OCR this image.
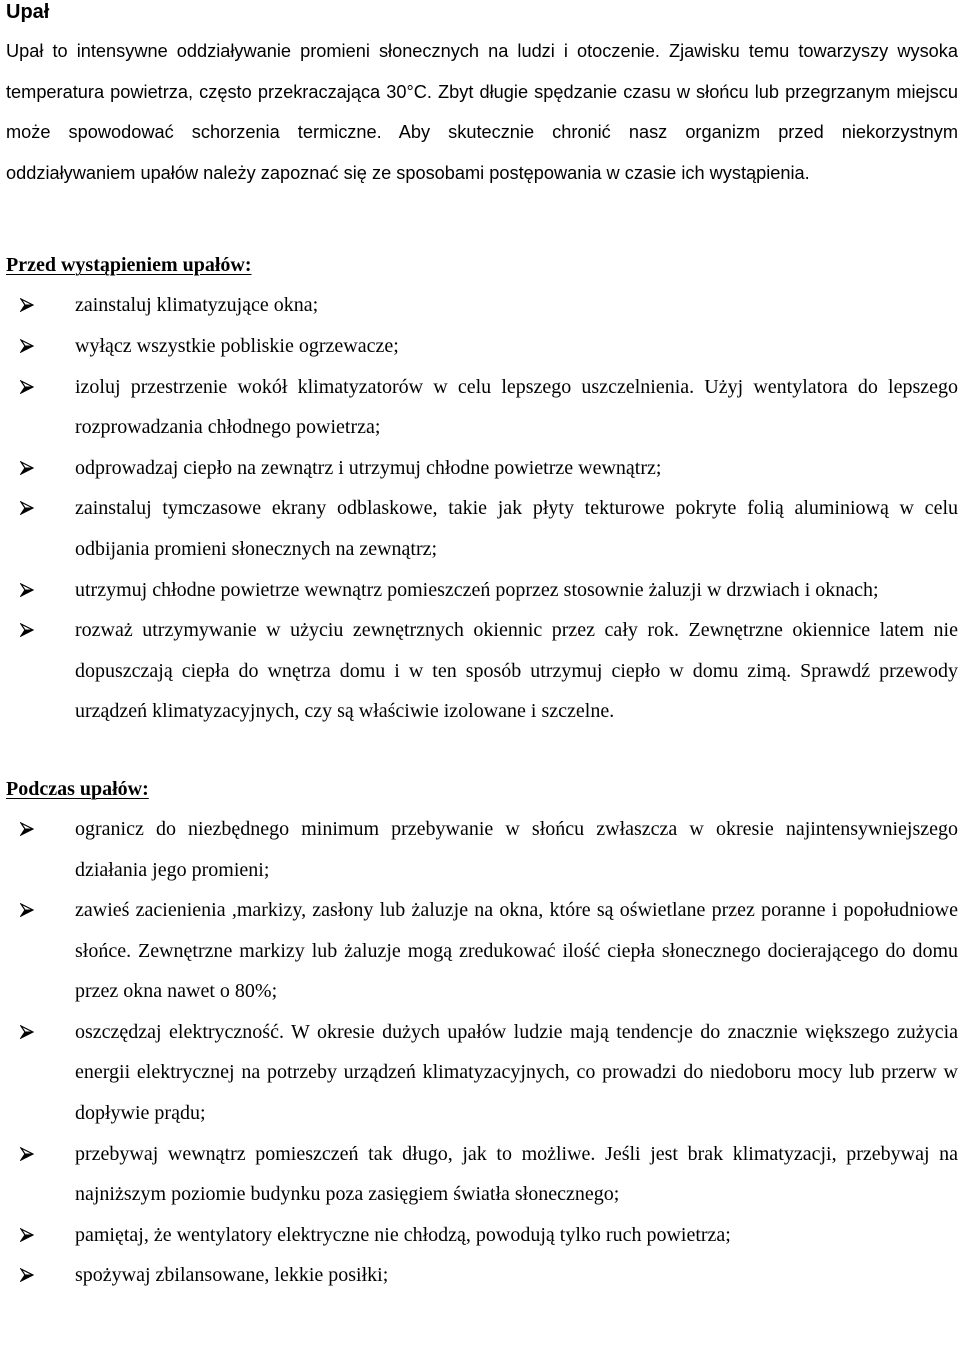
Upał

Upał to intensywne oddziaływanie promieni słonecznych na ludzi i otoczenie. Zjawisku temu towarzyszy wysoka temperatura powietrza, często przekraczająca 30°C. Zbyt długie spędzanie czasu w słońcu lub przegrzanym miejscu może spowodować schorzenia termiczne. Aby skutecznie chronić nasz organizm przed niekorzystnym oddziaływaniem upałów należy zapoznać się ze sposobami postępowania w czasie ich wystąpienia.

Przed wystąpieniem upałów:
zainstaluj klimatyzujące okna;
wyłącz wszystkie pobliskie ogrzewacze;
izoluj przestrzenie wokół klimatyzatorów w celu lepszego uszczelnienia. Użyj wentylatora do lepszego rozprowadzania chłodnego powietrza;
odprowadzaj ciepło na zewnątrz i utrzymuj chłodne powietrze wewnątrz;
zainstaluj tymczasowe ekrany odblaskowe, takie jak płyty tekturowe pokryte folią aluminiową w celu odbijania promieni słonecznych na zewnątrz;
utrzymuj chłodne powietrze wewnątrz pomieszczeń poprzez stosownie żaluzji w drzwiach i oknach;
rozważ utrzymywanie w użyciu zewnętrznych okiennic przez cały rok. Zewnętrzne okiennice latem nie dopuszczają ciepła do wnętrza domu i w ten sposób utrzymuj ciepło w domu zimą. Sprawdź przewody urządzeń klimatyzacyjnych, czy są właściwie izolowane i szczelne.
Podczas upałów:
ogranicz do niezbędnego minimum przebywanie w słońcu zwłaszcza w okresie najintensywniejszego działania jego promieni;
zawieś zacienienia ,markizy, zasłony lub żaluzje na okna, które są oświetlane przez poranne i popołudniowe słońce. Zewnętrzne markizy lub żaluzje mogą zredukować ilość ciepła słonecznego docierającego do domu przez okna nawet o 80%;
oszczędzaj elektryczność. W okresie dużych upałów ludzie mają tendencje do znacznie większego zużycia energii elektrycznej na potrzeby urządzeń klimatyzacyjnych, co prowadzi do niedoboru mocy lub przerw w dopływie prądu;
przebywaj wewnątrz pomieszczeń tak długo, jak to możliwe. Jeśli jest brak klimatyzacji, przebywaj na najniższym poziomie budynku poza zasięgiem światła słonecznego;
pamiętaj, że wentylatory elektryczne nie chłodzą, powodują tylko ruch powietrza;
spożywaj zbilansowane, lekkie posiłki;
